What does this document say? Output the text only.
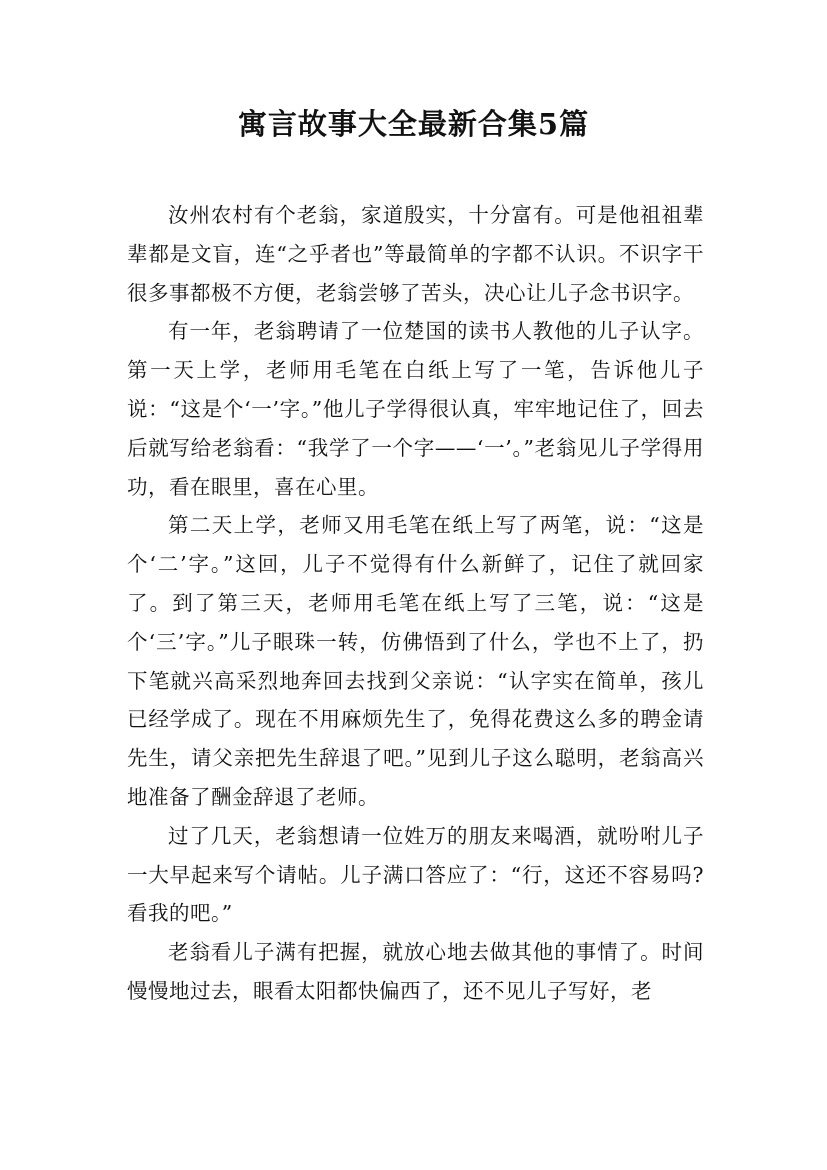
寓言故事大全最新合集5篇

汝州农村有个老翁，家道殷实，十分富有。可是他祖祖辈辈都是文盲，连“之乎者也”等最简单的字都不认识。不识字干很多事都极不方便，老翁尝够了苦头，决心让儿子念书识字。

有一年，老翁聘请了一位楚国的读书人教他的儿子认字。第一天上学，老师用毛笔在白纸上写了一笔，告诉他儿子说：“这是个‘一’字。”他儿子学得很认真，牢牢地记住了，回去后就写给老翁看：“我学了一个字——‘一’。”老翁见儿子学得用功，看在眼里，喜在心里。

第二天上学，老师又用毛笔在纸上写了两笔，说：“这是个‘二’字。”这回，儿子不觉得有什么新鲜了，记住了就回家了。到了第三天，老师用毛笔在纸上写了三笔，说：“这是个‘三’字。”儿子眼珠一转，仿佛悟到了什么，学也不上了，扔下笔就兴高采烈地奔回去找到父亲说：“认字实在简单，孩儿已经学成了。现在不用麻烦先生了，免得花费这么多的聘金请先生，请父亲把先生辞退了吧。”见到儿子这么聪明，老翁高兴地准备了酬金辞退了老师。

过了几天，老翁想请一位姓万的朋友来喝酒，就吩咐儿子一大早起来写个请帖。儿子满口答应了：“行，这还不容易吗?看我的吧。”

老翁看儿子满有把握，就放心地去做其他的事情了。时间慢慢地过去，眼看太阳都快偏西了，还不见儿子写好，老
